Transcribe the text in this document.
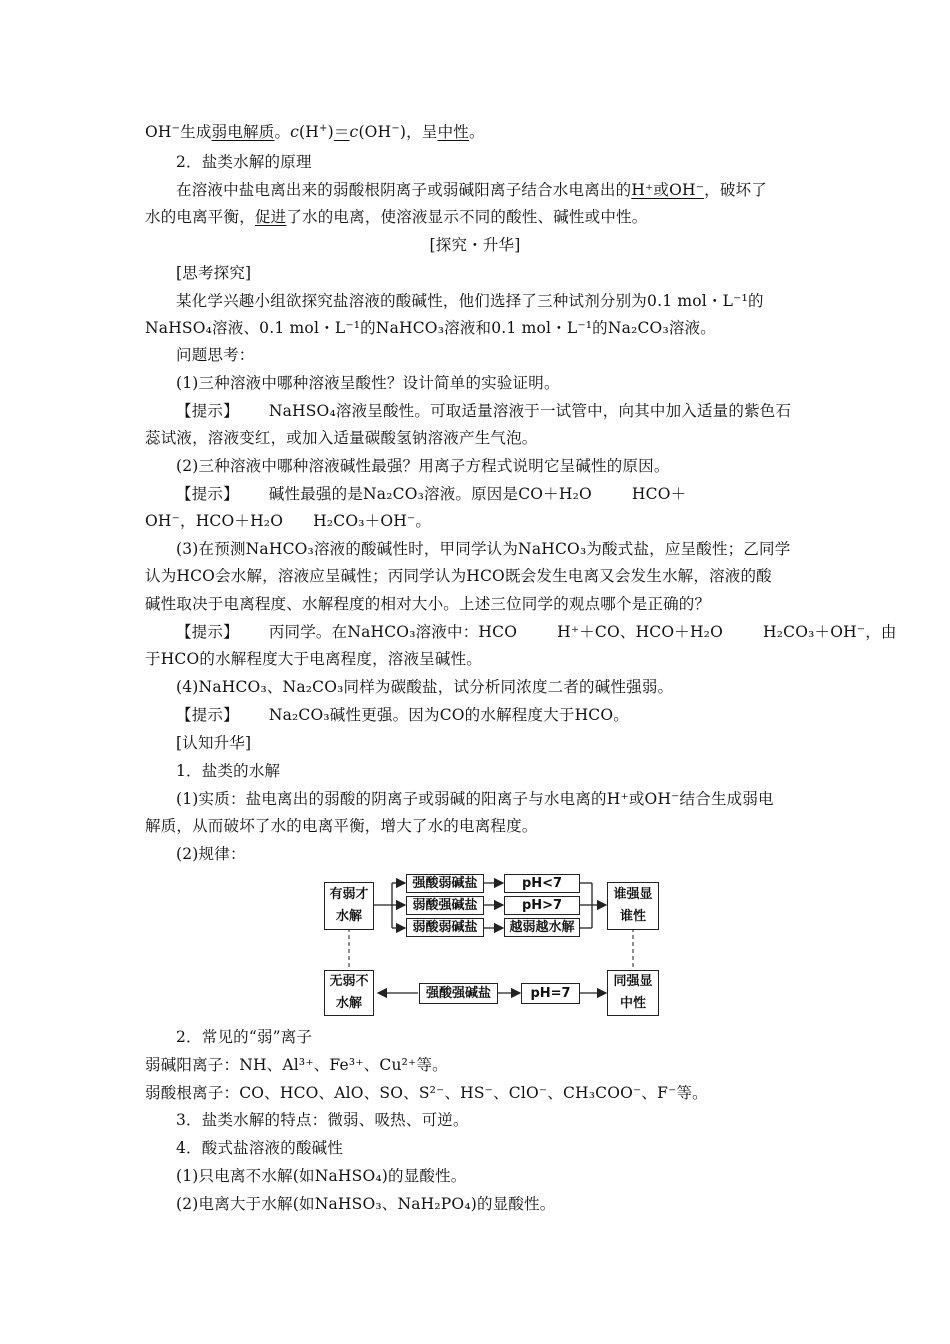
OH−生成弱电解质。c(H+)＝c(OH−)，呈中性。
2．盐类水解的原理
在溶液中盐电离出来的弱酸根阴离子或弱碱阳离子结合水电离出的H⁺或OH⁻，破坏了
水的电离平衡，促进了水的电离，使溶液显示不同的酸性、碱性或中性。
[探究・升华]
[思考探究]
某化学兴趣小组欲探究盐溶液的酸碱性，他们选择了三种试剂分别为0.1 mol・L⁻¹的
NaHSO₄溶液、0.1 mol・L⁻¹的NaHCO₃溶液和0.1 mol・L⁻¹的Na₂CO₃溶液。
问题思考：
(1)三种溶液中哪种溶液呈酸性？设计简单的实验证明。
【提示】 NaHSO₄溶液呈酸性。可取适量溶液于一试管中，向其中加入适量的紫色石
蕊试液，溶液变红，或加入适量碳酸氢钠溶液产生气泡。
(2)三种溶液中哪种溶液碱性最强？用离子方程式说明它呈碱性的原因。
【提示】 碱性最强的是Na₂CO₃溶液。原因是CO＋H₂O	HCO＋
OH⁻，HCO＋H₂O H₂CO₃＋OH⁻。
(3)在预测NaHCO₃溶液的酸碱性时，甲同学认为NaHCO₃为酸式盐，应呈酸性；乙同学
认为HCO会水解，溶液应呈碱性；丙同学认为HCO既会发生电离又会发生水解，溶液的酸
碱性取决于电离程度、水解程度的相对大小。上述三位同学的观点哪个是正确的？
【提示】 丙同学。在NaHCO₃溶液中：HCO	H⁺＋CO、HCO＋H₂O	H₂CO₃＋OH⁻，由
于HCO的水解程度大于电离程度，溶液呈碱性。
(4)NaHCO₃、Na₂CO₃同样为碳酸盐，试分析同浓度二者的碱性强弱。
【提示】 Na₂CO₃碱性更强。因为CO的水解程度大于HCO。
[认知升华]
1．盐类的水解
(1)实质：盐电离出的弱酸的阴离子或弱碱的阳离子与水电离的H⁺或OH⁻结合生成弱电
解质，从而破坏了水的电离平衡，增大了水的电离程度。
(2)规律：
有弱才
水解
强酸弱碱盐
弱酸强碱盐
弱酸弱碱盐
pH<7
pH>7
越弱越水解
谁强显
谁性
无弱不
水解
强酸强碱盐	pH=7
同强显
中性
2．常见的“弱”离子
弱碱阳离子：NH、Al³⁺、Fe³⁺、Cu²⁺等。
弱酸根离子：CO、HCO、AlO、SO、S²⁻、HS⁻、ClO⁻、CH₃COO⁻、F⁻等。
3．盐类水解的特点：微弱、吸热、可逆。
4．酸式盐溶液的酸碱性
(1)只电离不水解(如NaHSO₄)的显酸性。
(2)电离大于水解(如NaHSO₃、NaH₂PO₄)的显酸性。
